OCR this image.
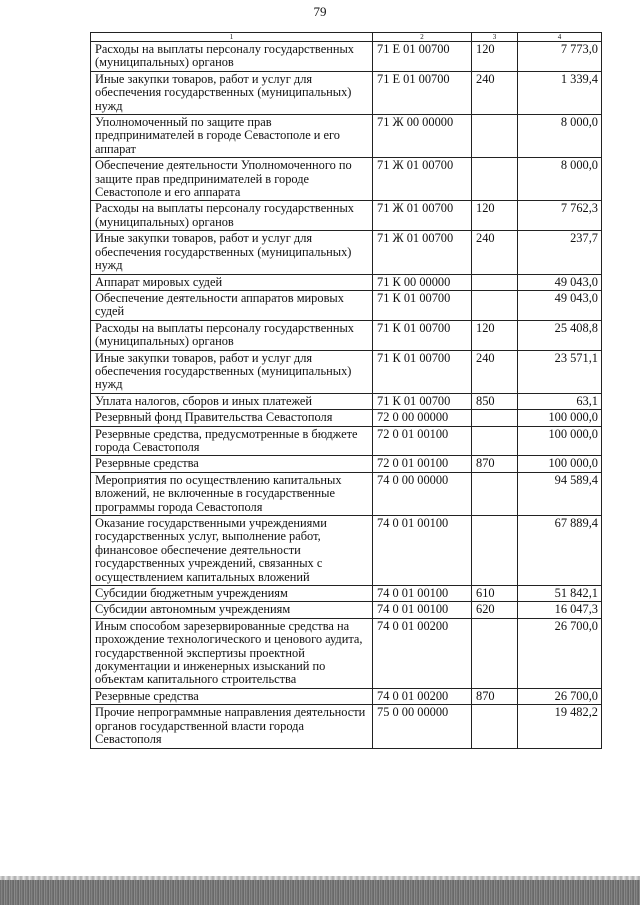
79
1	2	3	4
Расходы на выплаты персоналу государственных (муниципальных) органов	71 Е 01 00700	120	7 773,0
Иные закупки товаров, работ и услуг для обеспечения государственных (муниципальных) нужд	71 Е 01 00700	240	1 339,4
Уполномоченный по защите прав предпринимателей в городе Севастополе и его аппарат	71 Ж 00 00000		8 000,0
Обеспечение деятельности Уполномоченного по защите прав предпринимателей в городе Севастополе и его аппарата	71 Ж 01 00700		8 000,0
Расходы на выплаты персоналу государственных (муниципальных) органов	71 Ж 01 00700	120	7 762,3
Иные закупки товаров, работ и услуг для обеспечения государственных (муниципальных) нужд	71 Ж 01 00700	240	237,7
Аппарат мировых судей	71 К 00 00000		49 043,0
Обеспечение деятельности аппаратов мировых судей	71 К 01 00700		49 043,0
Расходы на выплаты персоналу государственных (муниципальных) органов	71 К 01 00700	120	25 408,8
Иные закупки товаров, работ и услуг для обеспечения государственных (муниципальных) нужд	71 К 01 00700	240	23 571,1
Уплата налогов, сборов и иных платежей	71 К 01 00700	850	63,1
Резервный фонд Правительства Севастополя	72 0 00 00000		100 000,0
Резервные средства, предусмотренные в бюджете города Севастополя	72 0 01 00100		100 000,0
Резервные средства	72 0 01 00100	870	100 000,0
Мероприятия по осуществлению капитальных вложений, не включенные в государственные программы города Севастополя	74 0 00 00000		94 589,4
Оказание государственными учреждениями государственных услуг, выполнение работ, финансовое обеспечение деятельности государственных учреждений, связанных с осуществлением капитальных вложений	74 0 01 00100		67 889,4
Субсидии бюджетным учреждениям	74 0 01 00100	610	51 842,1
Субсидии автономным учреждениям	74 0 01 00100	620	16 047,3
Иным способом зарезервированные средства на прохождение технологического и ценового аудита, государственной экспертизы проектной документации и инженерных изысканий по объектам капитального строительства	74 0 01 00200		26 700,0
Резервные средства	74 0 01 00200	870	26 700,0
Прочие непрограммные направления деятельности органов государственной власти города Севастополя	75 0 00 00000		19 482,2
